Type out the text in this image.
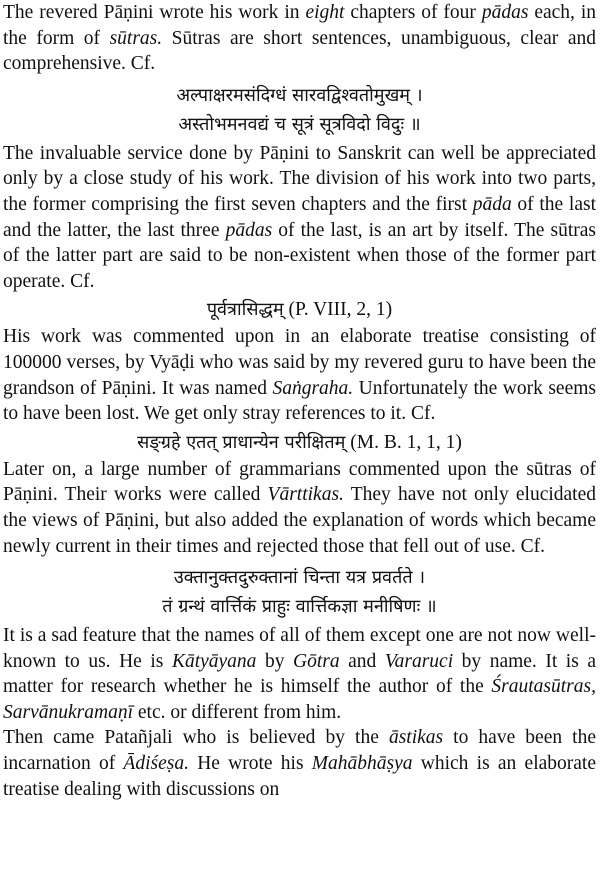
The revered Pāṇini wrote his work in eight chapters of four pādas each, in the form of sūtras. Sūtras are short sentences, unambiguous, clear and comprehensive. Cf.

अल्पाक्षरमसंदिग्धं सारवद्विश्वतोमुखम् ।

अस्तोभमनवद्यं च सूत्रं सूत्रविदो विदुः ॥

The invaluable service done by Pāṇini to Sanskrit can well be appreciated only by a close study of his work. The division of his work into two parts, the former comprising the first seven chapters and the first pāda of the last and the latter, the last three pādas of the last, is an art by itself. The sūtras of the latter part are said to be non-existent when those of the former part operate. Cf.

पूर्वत्रासिद्धम् (P. VIII, 2, 1)

His work was commented upon in an elaborate treatise consisting of 100000 verses, by Vyāḍi who was said by my revered guru to have been the grandson of Pāṇini. It was named Saṅgraha. Unfortunately the work seems to have been lost. We get only stray references to it. Cf.

सङ्ग्रहे एतत् प्राधान्येन परीक्षितम् (M. B. 1, 1, 1)

Later on, a large number of grammarians commented upon the sūtras of Pāṇini. Their works were called Vārttikas. They have not only elucidated the views of Pāṇini, but also added the explanation of words which became newly current in their times and rejected those that fell out of use. Cf.

उक्तानुक्तदुरुक्तानां चिन्ता यत्र प्रवर्तते ।

तं ग्रन्थं वार्त्तिकं प्राहुः वार्त्तिकज्ञा मनीषिणः ॥

It is a sad feature that the names of all of them except one are not now well-known to us. He is Kātyāyana by Gōtra and Vararuci by name. It is a matter for research whether he is himself the author of the Śrautasūtras, Sarvānukramaṇī etc. or different from him.

Then came Patañjali who is believed by the āstikas to have been the incarnation of Ādiśeṣa. He wrote his Mahābhāṣya which is an elaborate treatise dealing with discussions on
